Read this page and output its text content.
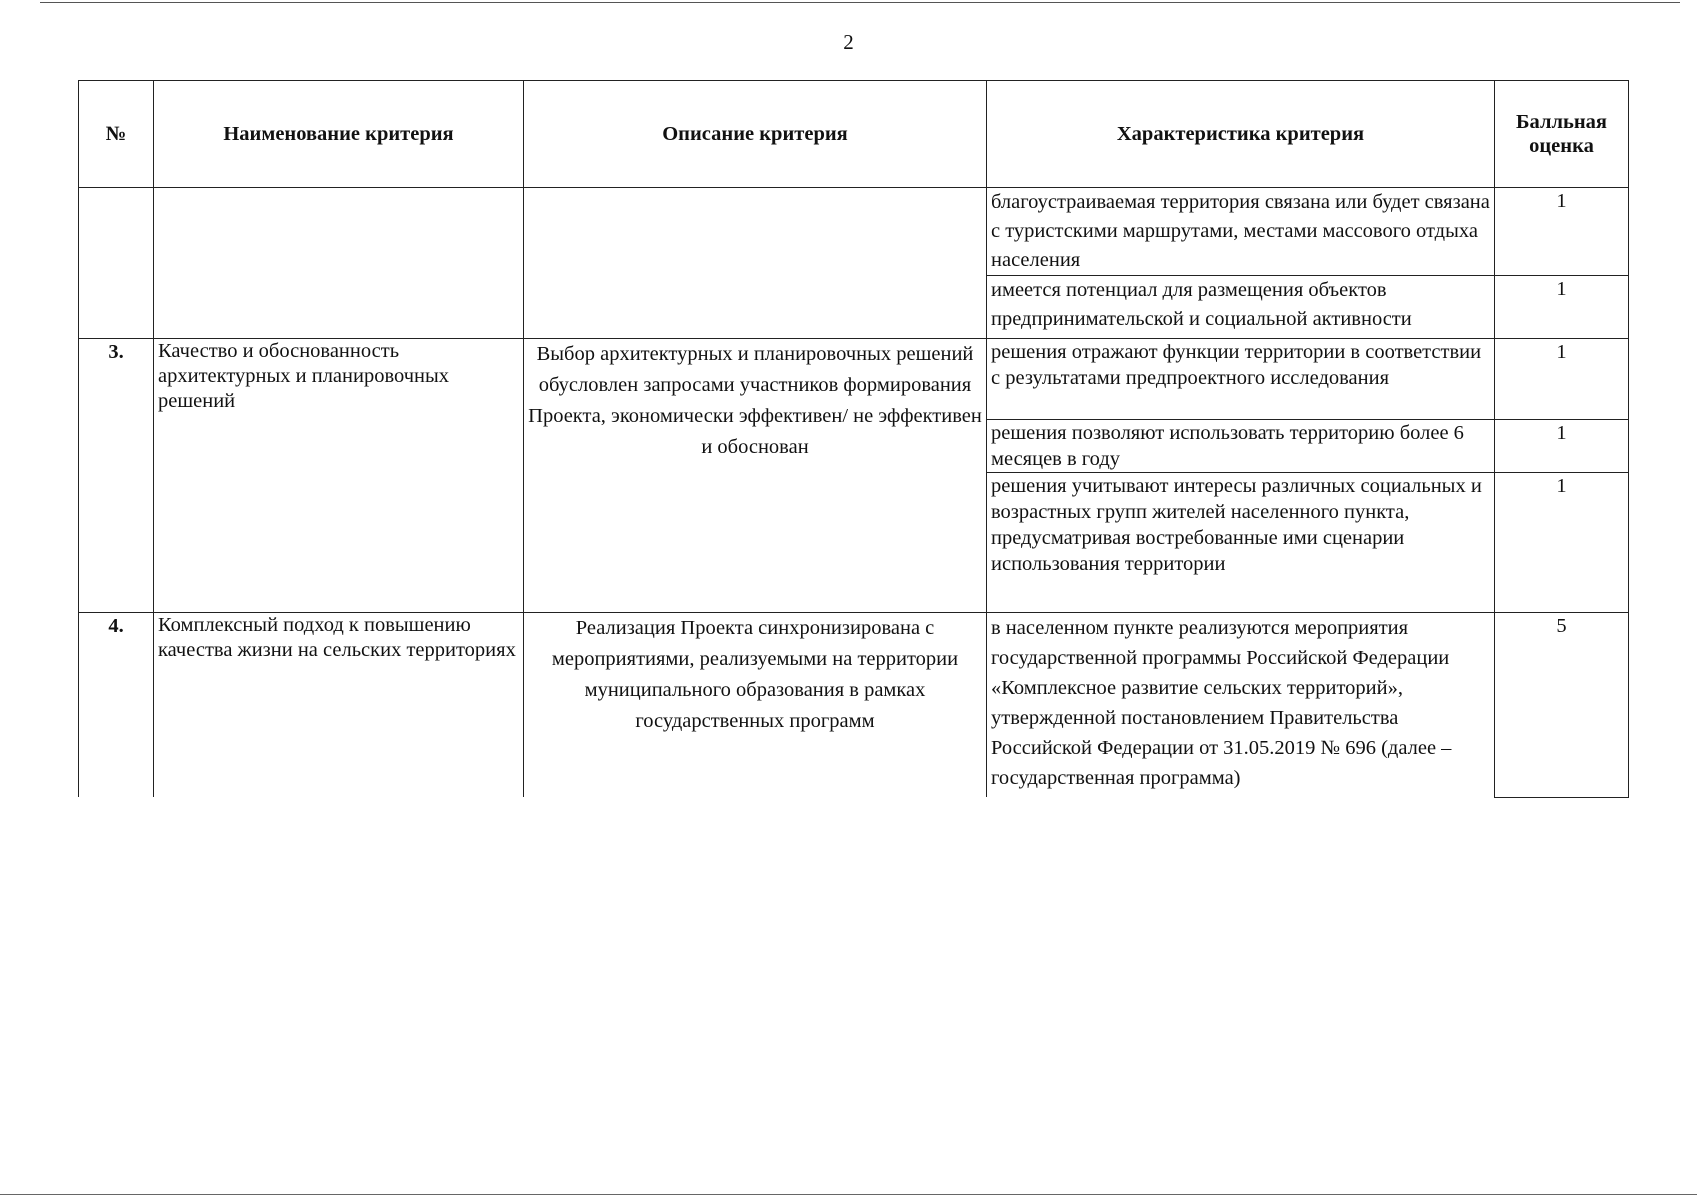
2
№	Наименование критерия	Описание критерия	Характеристика критерия	Балльная оценка
			благоустраиваемая территория связана или будет связана с туристскими маршрутами, местами массового отдыха населения	1
			имеется потенциал для размещения объектов предпринимательской и социальной активности	1
3.	Качество и обоснованность архитектурных и планировочных решений	Выбор архитектурных и планировочных решений обусловлен запросами участников формирования Проекта, экономически эффективен/ не эффективен и обоснован	решения отражают функции территории в соответствии с результатами предпроектного исследования	1
			решения позволяют использовать территорию более 6 месяцев в году	1
			решения учитывают интересы различных социальных и возрастных групп жителей населенного пункта, предусматривая востребованные ими сценарии использования территории	1
4.	Комплексный подход к повышению качества жизни на сельских территориях	Реализация Проекта синхронизирована с мероприятиями, реализуемыми на территории муниципального образования в рамках государственных программ	в населенном пункте реализуются мероприятия государственной программы Российской Федерации «Комплексное развитие сельских территорий», утвержденной постановлением Правительства Российской Федерации от 31.05.2019 № 696 (далее – государственная программа)	5
